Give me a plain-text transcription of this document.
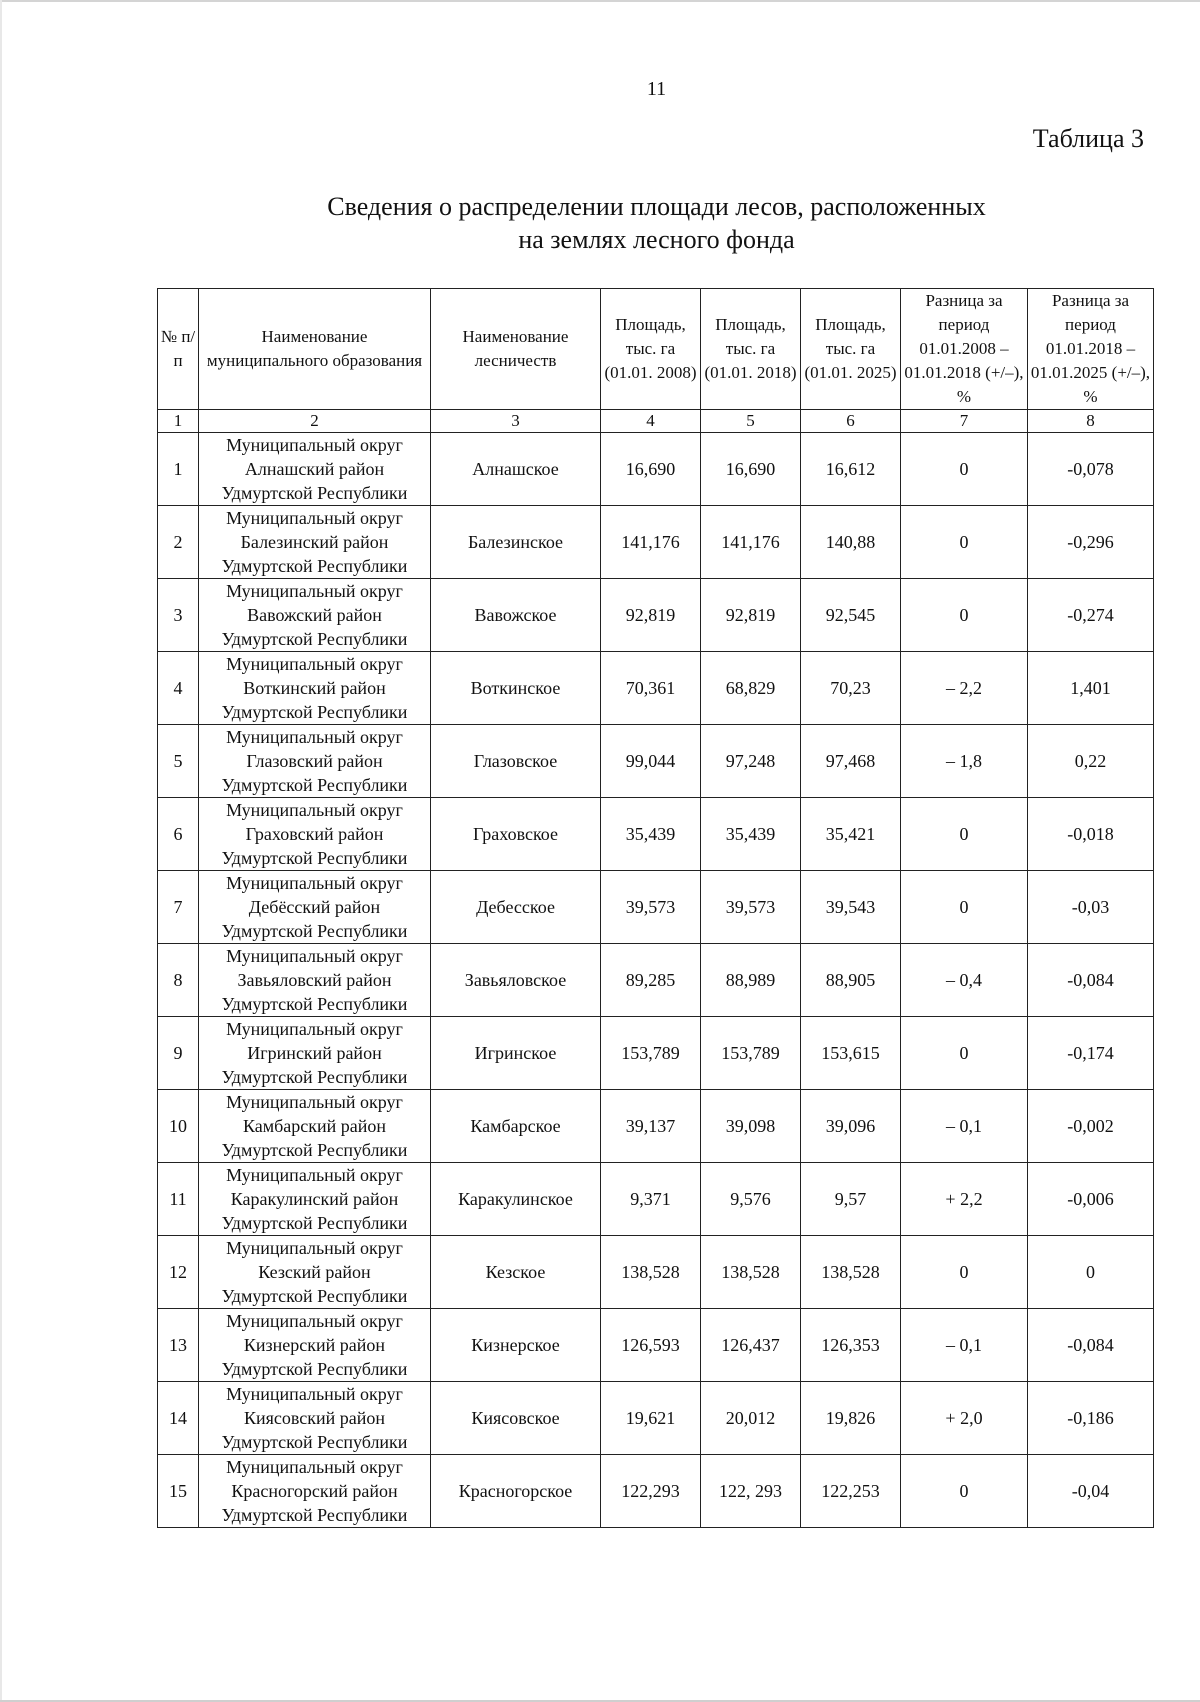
11
Таблица 3
Сведения о распределении площади лесов, расположенных
на землях лесного фонда
№ п/п	Наименование муниципального образования	Наименование лесничеств	Площадь, тыс. га (01.01. 2008)	Площадь, тыс. га (01.01. 2018)	Площадь, тыс. га (01.01. 2025)	Разница за период 01.01.2008 – 01.01.2018 (+/–), %	Разница за период 01.01.2018 – 01.01.2025 (+/–), %
1	2	3	4	5	6	7	8
1	Муниципальный округ
Алнашский район
Удмуртской Республики	Алнашское	16,690	16,690	16,612	0	-0,078
2	Муниципальный округ
Балезинский район
Удмуртской Республики	Балезинское	141,176	141,176	140,88	0	-0,296
3	Муниципальный округ
Вавожский район
Удмуртской Республики	Вавожское	92,819	92,819	92,545	0	-0,274
4	Муниципальный округ
Воткинский район
Удмуртской Республики	Воткинское	70,361	68,829	70,23	– 2,2	1,401
5	Муниципальный округ
Глазовский район
Удмуртской Республики	Глазовское	99,044	97,248	97,468	– 1,8	0,22
6	Муниципальный округ
Граховский район
Удмуртской Республики	Граховское	35,439	35,439	35,421	0	-0,018
7	Муниципальный округ
Дебёсский район
Удмуртской Республики	Дебесское	39,573	39,573	39,543	0	-0,03
8	Муниципальный округ
Завьяловский район
Удмуртской Республики	Завьяловское	89,285	88,989	88,905	– 0,4	-0,084
9	Муниципальный округ
Игринский район
Удмуртской Республики	Игринское	153,789	153,789	153,615	0	-0,174
10	Муниципальный округ
Камбарский район
Удмуртской Республики	Камбарское	39,137	39,098	39,096	– 0,1	-0,002
11	Муниципальный округ
Каракулинский район
Удмуртской Республики	Каракулинское	9,371	9,576	9,57	+ 2,2	-0,006
12	Муниципальный округ
Кезский район
Удмуртской Республики	Кезское	138,528	138,528	138,528	0	0
13	Муниципальный округ
Кизнерский район
Удмуртской Республики	Кизнерское	126,593	126,437	126,353	– 0,1	-0,084
14	Муниципальный округ
Киясовский район
Удмуртской Республики	Киясовское	19,621	20,012	19,826	+ 2,0	-0,186
15	Муниципальный округ
Красногорский район
Удмуртской Республики	Красногорское	122,293	122, 293	122,253	0	-0,04
